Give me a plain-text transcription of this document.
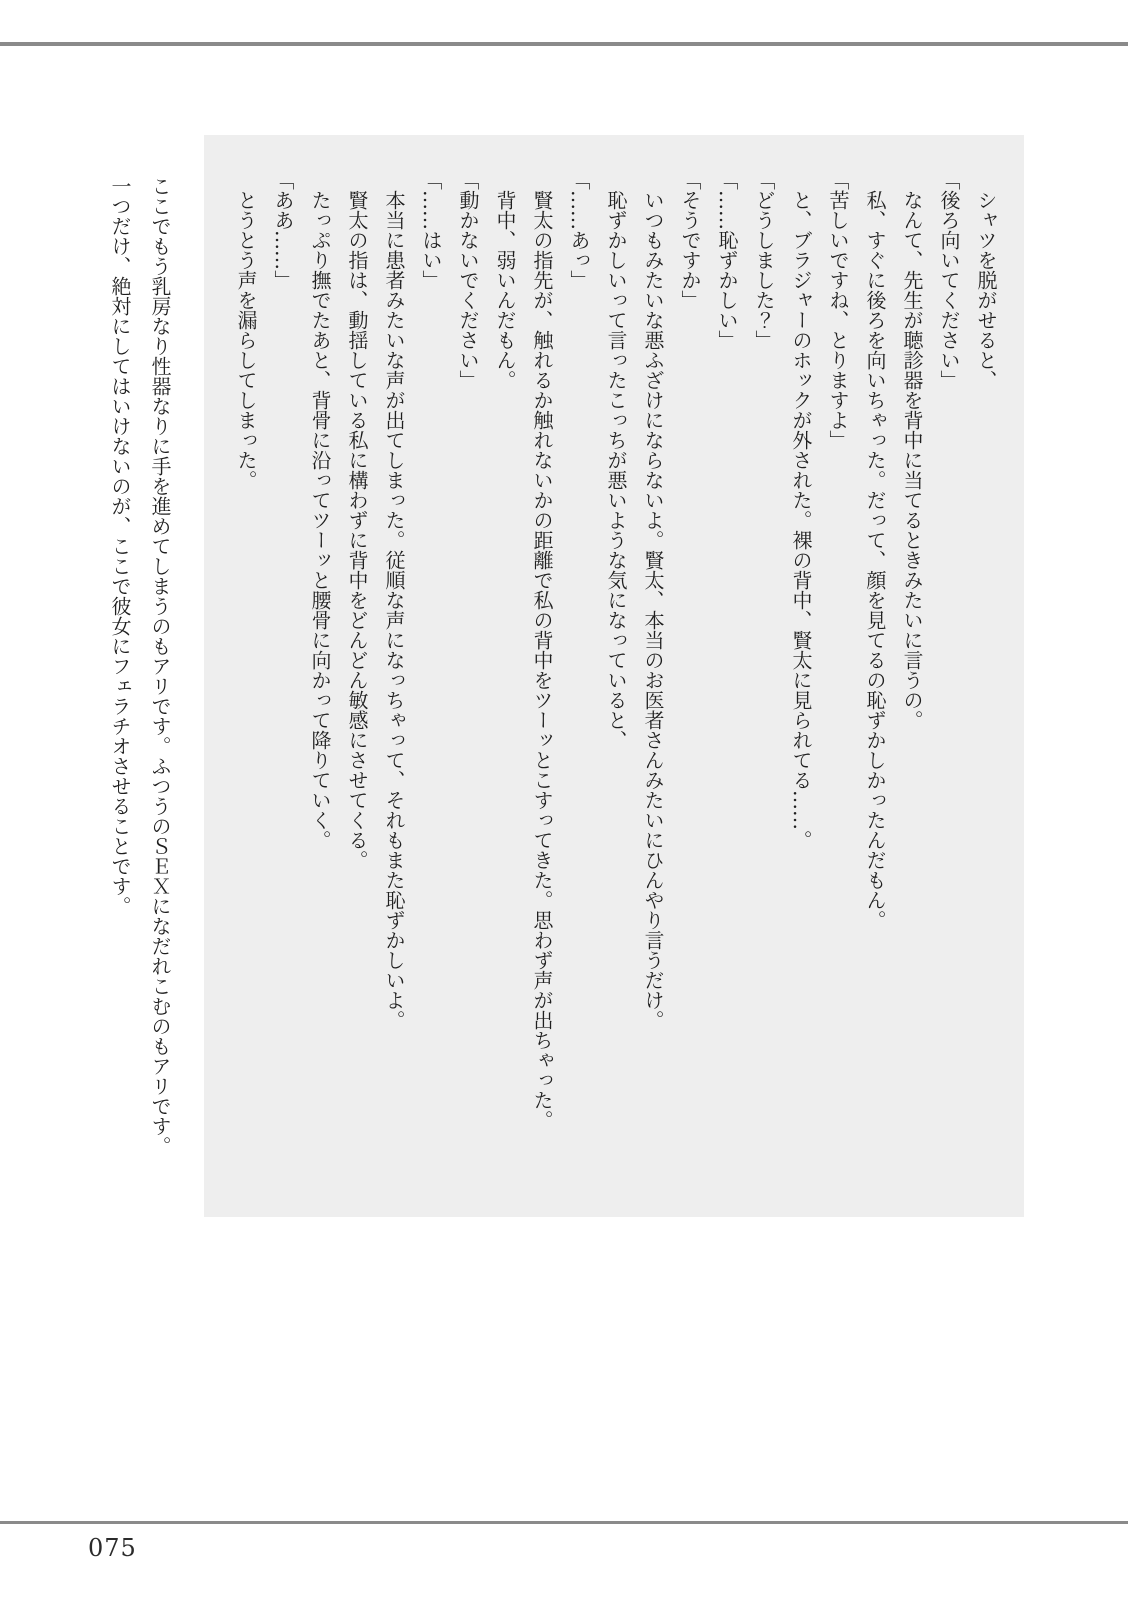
　シャツを脱がせると、

「後ろ向いてください」

　なんて、先生が聴診器を背中に当てるときみたいに言うの。

　私、すぐに後ろを向いちゃった。だって、顔を見てるの恥ずかしかったんだもん。

「苦しいですね、とりますよ」

　と、ブラジャーのホックが外された。裸の背中、賢太に見られてる……。

「どうしました？」

「……恥ずかしい」

「そうですか」

　いつもみたいな悪ふざけにならないよ。賢太、本当のお医者さんみたいにひんやり言うだけ。

　恥ずかしいって言ったこっちが悪いような気になっていると、

「……あっ」

　賢太の指先が、触れるか触れないかの距離で私の背中をツーッとこすってきた。思わず声が出ちゃった。

　背中、弱いんだもん。

「動かないでください」

「……はい」

　本当に患者みたいな声が出てしまった。従順な声になっちゃって、それもまた恥ずかしいよ。

　賢太の指は、動揺している私に構わずに背中をどんどん敏感にさせてくる。

　たっぷり撫でたあと、背骨に沿ってツーッと腰骨に向かって降りていく。

「ああ……」

　とうとう声を漏らしてしまった。

　ここでもう乳房なり性器なりに手を進めてしまうのもアリです。ふつうのＳＥＸになだれこむのもアリです。

　一つだけ、絶対にしてはいけないのが、ここで彼女にフェラチオさせることです。

075
